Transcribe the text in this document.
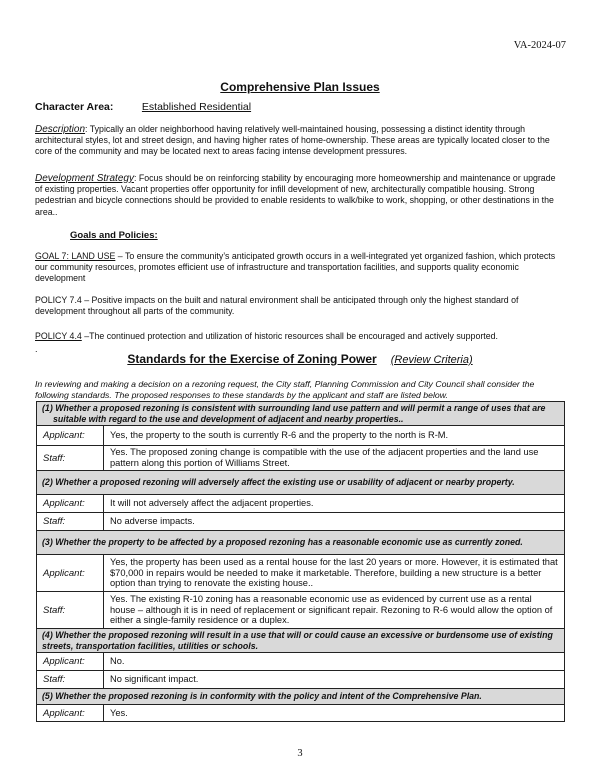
VA-2024-07
Comprehensive Plan Issues
Character Area:	Established Residential
Description: Typically an older neighborhood having relatively well-maintained housing, possessing a distinct identity through architectural styles, lot and street design, and having higher rates of home-ownership. These areas are typically located closer to the core of the community and may be located next to areas facing intense development pressures.
Development Strategy: Focus should be on reinforcing stability by encouraging more homeownership and maintenance or upgrade of existing properties. Vacant properties offer opportunity for infill development of new, architecturally compatible housing. Strong pedestrian and bicycle connections should be provided to enable residents to walk/bike to work, shopping, or other destinations in the area..
Goals and Policies:
GOAL 7: LAND USE – To ensure the community’s anticipated growth occurs in a well-integrated yet organized fashion, which protects our community resources, promotes efficient use of infrastructure and transportation facilities, and supports quality economic development
POLICY 7.4 – Positive impacts on the built and natural environment shall be anticipated through only the highest standard of development throughout all parts of the community.
POLICY 4.4 –The continued protection and utilization of historic resources shall be encouraged and actively supported.
.
Standards for the Exercise of Zoning Power (Review Criteria)
In reviewing and making a decision on a rezoning request, the City staff, Planning Commission and City Council shall consider the following standards. The proposed responses to these standards by the applicant and staff are listed below.
(1) Whether a proposed rezoning is consistent with surrounding land use pattern and will permit a range of uses that are suitable with regard to the use and development of adjacent and nearby properties..	

Applicant:	Yes, the property to the south is currently R-6 and the property to the north is R-M.
Staff:	Yes. The proposed zoning change is compatible with the use of the adjacent properties and the land use pattern along this portion of Williams Street.

(2) Whether a proposed rezoning will adversely affect the existing use or usability of adjacent or nearby property.	

Applicant:	It will not adversely affect the adjacent properties.
Staff:	No adverse impacts.

(3) Whether the property to be affected by a proposed rezoning has a reasonable economic use as currently zoned.	

Applicant:	Yes, the property has been used as a rental house for the last 20 years or more. However, it is estimated that $70,000 in repairs would be needed to make it marketable. Therefore, building a new structure is a better option than trying to renovate the existing house..
Staff:	Yes. The existing R-10 zoning has a reasonable economic use as evidenced by current use as a rental house – although it is in need of replacement or significant repair. Rezoning to R-6 would allow the option of either a single-family residence or a duplex.

(4) Whether the proposed rezoning will result in a use that will or could cause an excessive or burdensome use of existing streets, transportation facilities, utilities or schools.	

Applicant:	No.
Staff:	No significant impact.

(5) Whether the proposed rezoning is in conformity with the policy and intent of the Comprehensive Plan.	

Applicant:	Yes.
3
